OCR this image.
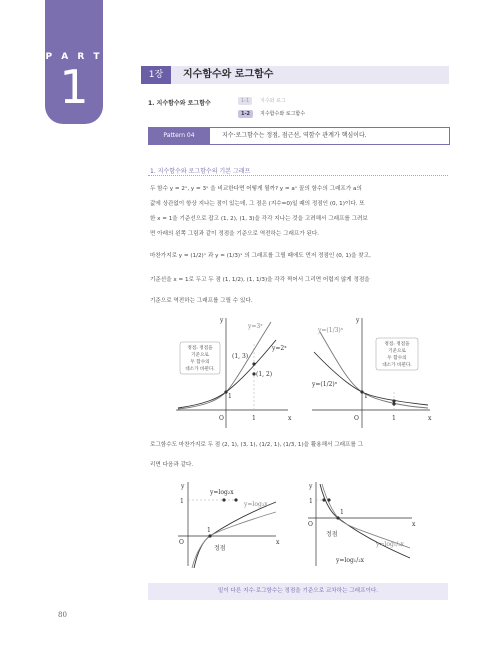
P A R T
1	1장	지수함수와 로그함수
1. 지수함수와 로그함수	1-1	지수와 로그
1-2	지수함수와 로그함수
Pattern 04	지수·로그함수는 정점, 점근선, 역함수 관계가 핵심이다.
1. 지수함수와 로그함수의 기본 그래프
두 함수 y = 2ˣ, y = 3ˣ 을 비교한다면 어떻게 될까? y = aˣ 꼴의 함수의 그래프가 a의
값에 상관없이 항상 지나는 점이 있는데, 그 점은 (지수=0)일 때의 정점인 (0, 1)이다. 또
한 x = 1을 기준선으로 잡고 (1, 2), (1, 3)을 각각 지나는 것을 고려해서 그래프를 그려보
면 아래의 왼쪽 그림과 같이 정점을 기준으로 역전하는 그래프가 된다.
마찬가지로 y = (1/2)ˣ 과 y = (1/3)ˣ 의 그래프를 그릴 때에도 먼저 정점인 (0, 1)을 찾고,
기준선을 x = 1로 두고 두 점 (1, 1/2), (1, 1/3)을 각각 찍어서 그리면 어렵지 않게 정점을
기준으로 역전하는 그래프를 그릴 수 있다.
정점: 정점을
기준으로
두 함수의
대소가 바뀐다.
y
x
O	1
1
y=3ˣ
y=2ˣ
(1, 3)
(1, 2)
정점: 정점을
기준으로
두 함수의
대소가 바뀐다.
y
x
O	1
1
y=(1/3)ˣ
y=(1/2)ˣ
로그함수도 마찬가지로 두 점 (2, 1), (3, 1), (1/2, 1), (1/3, 1)을 활용해서 그래프를 그
리면 다음과 같다.
y
x
O
1
1
y=log₂x
y=log₃x
정점
y
x
O
1
1
y=log₁/₃x
y=log₁/₂x
정점
밑이 다른 지수·로그함수는 정점을 기준으로 교차하는 그래프이다.
80
